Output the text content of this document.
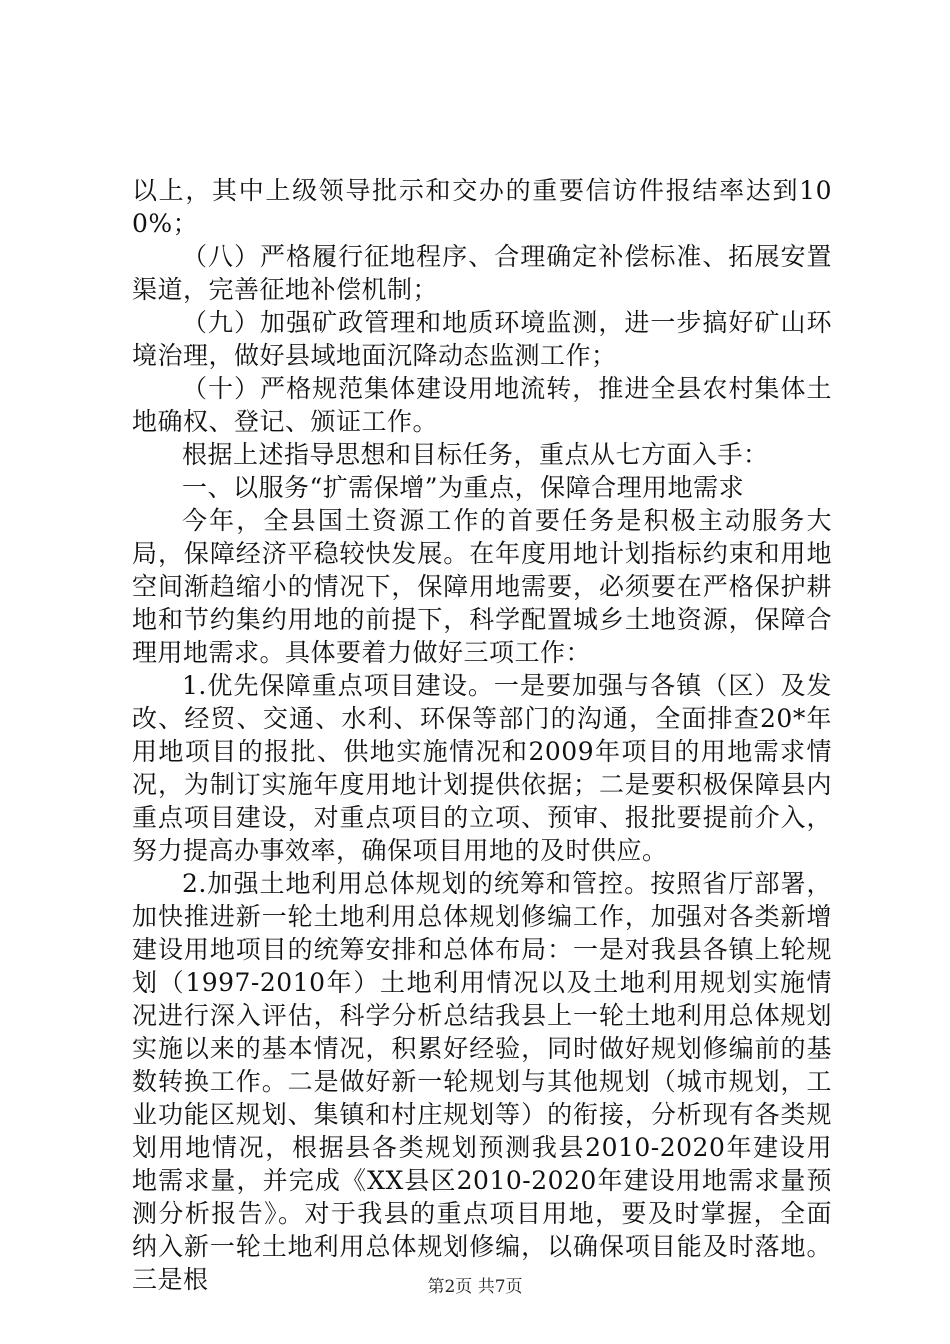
以上，其中上级领导批示和交办的重要信访件报结率达到100%；

（八）严格履行征地程序、合理确定补偿标准、拓展安置渠道，完善征地补偿机制；

（九）加强矿政管理和地质环境监测，进一步搞好矿山环境治理，做好县域地面沉降动态监测工作；

（十）严格规范集体建设用地流转，推进全县农村集体土地确权、登记、颁证工作。

根据上述指导思想和目标任务，重点从七方面入手：

一、以服务“扩需保增”为重点，保障合理用地需求

今年，全县国土资源工作的首要任务是积极主动服务大局，保障经济平稳较快发展。在年度用地计划指标约束和用地空间渐趋缩小的情况下，保障用地需要，必须要在严格保护耕地和节约集约用地的前提下，科学配置城乡土地资源，保障合理用地需求。具体要着力做好三项工作：

1.优先保障重点项目建设。一是要加强与各镇（区）及发改、经贸、交通、水利、环保等部门的沟通，全面排查20*年用地项目的报批、供地实施情况和2009年项目的用地需求情况，为制订实施年度用地计划提供依据；二是要积极保障县内重点项目建设，对重点项目的立项、预审、报批要提前介入，努力提高办事效率，确保项目用地的及时供应。

2.加强土地利用总体规划的统筹和管控。按照省厅部署，加快推进新一轮土地利用总体规划修编工作，加强对各类新增建设用地项目的统筹安排和总体布局：一是对我县各镇上轮规划（1997-2010年）土地利用情况以及土地利用规划实施情况进行深入评估，科学分析总结我县上一轮土地利用总体规划实施以来的基本情况，积累好经验，同时做好规划修编前的基数转换工作。二是做好新一轮规划与其他规划（城市规划，工业功能区规划、集镇和村庄规划等）的衔接，分析现有各类规划用地情况，根据县各类规划预测我县2010-2020年建设用地需求量，并完成《XX县区2010-2020年建设用地需求量预测分析报告》。对于我县的重点项目用地，要及时掌握，全面纳入新一轮土地利用总体规划修编，以确保项目能及时落地。三是根	第2页 共7页
